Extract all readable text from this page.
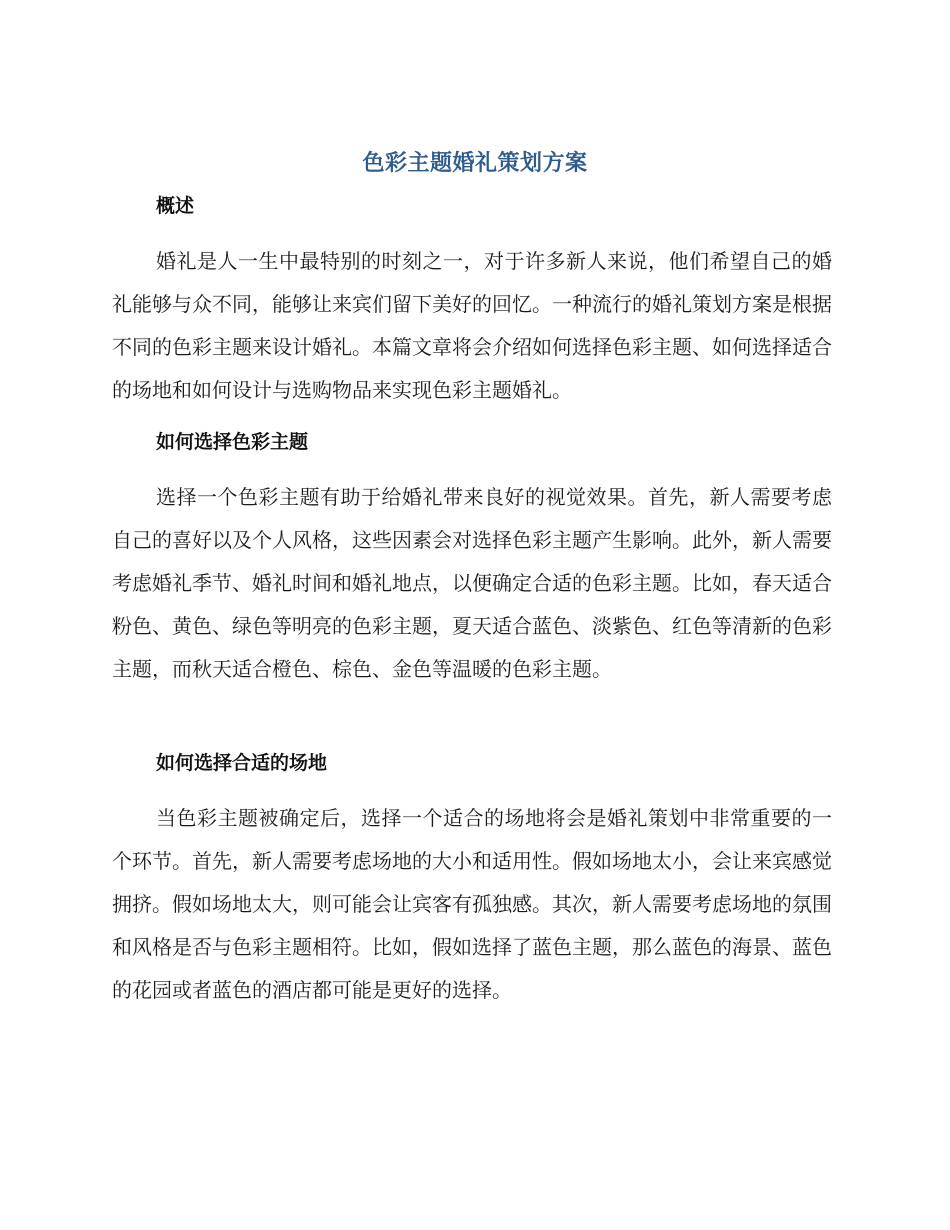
色彩主题婚礼策划方案
概述

婚礼是人一生中最特别的时刻之一，对于许多新人来说，他们希望自己的婚礼能够与众不同，能够让来宾们留下美好的回忆。一种流行的婚礼策划方案是根据不同的色彩主题来设计婚礼。本篇文章将会介绍如何选择色彩主题、如何选择适合的场地和如何设计与选购物品来实现色彩主题婚礼。

如何选择色彩主题

选择一个色彩主题有助于给婚礼带来良好的视觉效果。首先，新人需要考虑自己的喜好以及个人风格，这些因素会对选择色彩主题产生影响。此外，新人需要考虑婚礼季节、婚礼时间和婚礼地点，以便确定合适的色彩主题。比如，春天适合粉色、黄色、绿色等明亮的色彩主题，夏天适合蓝色、淡紫色、红色等清新的色彩主题，而秋天适合橙色、棕色、金色等温暖的色彩主题。

如何选择合适的场地

当色彩主题被确定后，选择一个适合的场地将会是婚礼策划中非常重要的一个环节。首先，新人需要考虑场地的大小和适用性。假如场地太小，会让来宾感觉拥挤。假如场地太大，则可能会让宾客有孤独感。其次，新人需要考虑场地的氛围和风格是否与色彩主题相符。比如，假如选择了蓝色主题，那么蓝色的海景、蓝色的花园或者蓝色的酒店都可能是更好的选择。
